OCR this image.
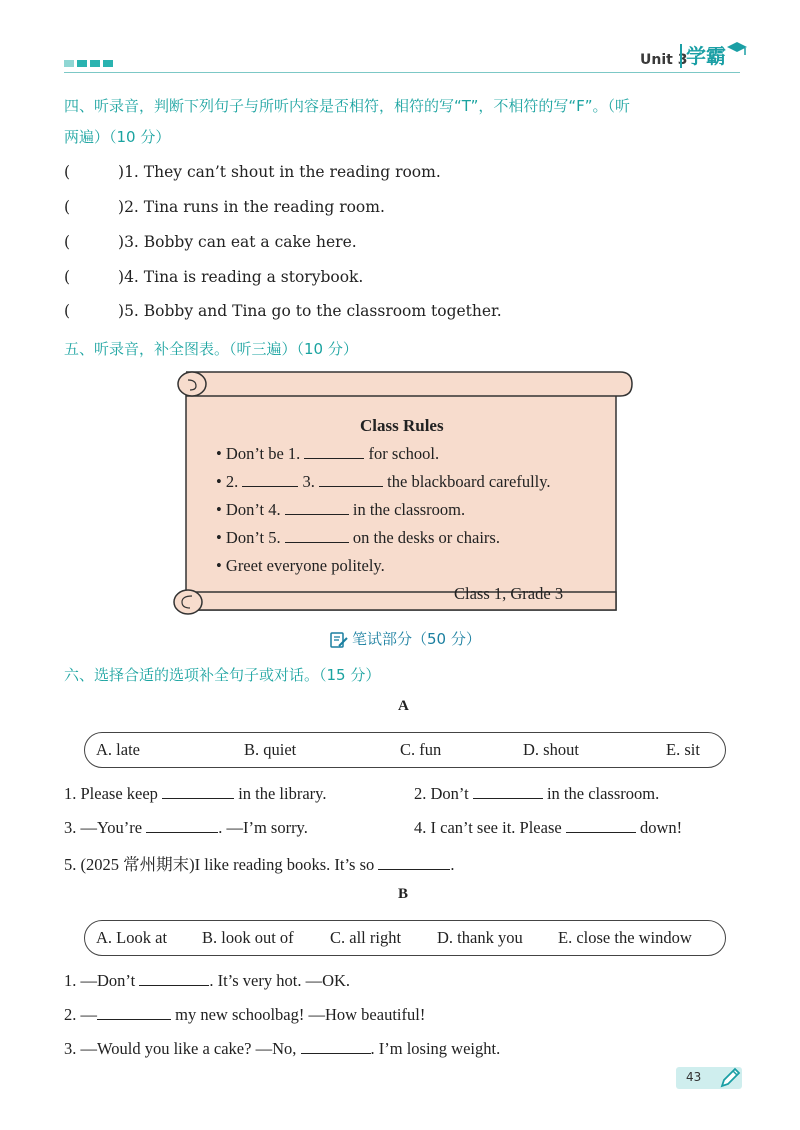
Unit 3
学霸
四、听录音，判断下列句子与所听内容是否相符，相符的写“T”，不相符的写“F”。（听
两遍）（10 分）
(	)1. They can’t shout in the reading room.
(	)2. Tina runs in the reading room.
(	)3. Bobby can eat a cake here.
(	)4. Tina is reading a storybook.
(	)5. Bobby and Tina go to the classroom together.
五、听录音，补全图表。（听三遍）（10 分）
Class Rules
• Don’t be 1.	for school.
• 2.	3.	the blackboard carefully.
• Don’t 4.	in the classroom.
• Don’t 5.	on the desks or chairs.
• Greet everyone politely.
Class 1, Grade 3
笔试部分（50 分）
六、选择合适的选项补全句子或对话。（15 分）
A
A. late	B. quiet	C. fun	D. shout	E. sit
1. Please keep	in the library.	2. Don’t	in the classroom.
3. —You’re	. —I’m sorry.	4. I can’t see it. Please	down!
5. (2025 常州期末)I like reading books. It’s so	.
B
A. Look at B. look out of C. all right D. thank you E. close the window
1. —Don’t	. It’s very hot. —OK.
2. —	my new schoolbag! —How beautiful!
3. —Would you like a cake? —No,	. I’m losing weight.
43
